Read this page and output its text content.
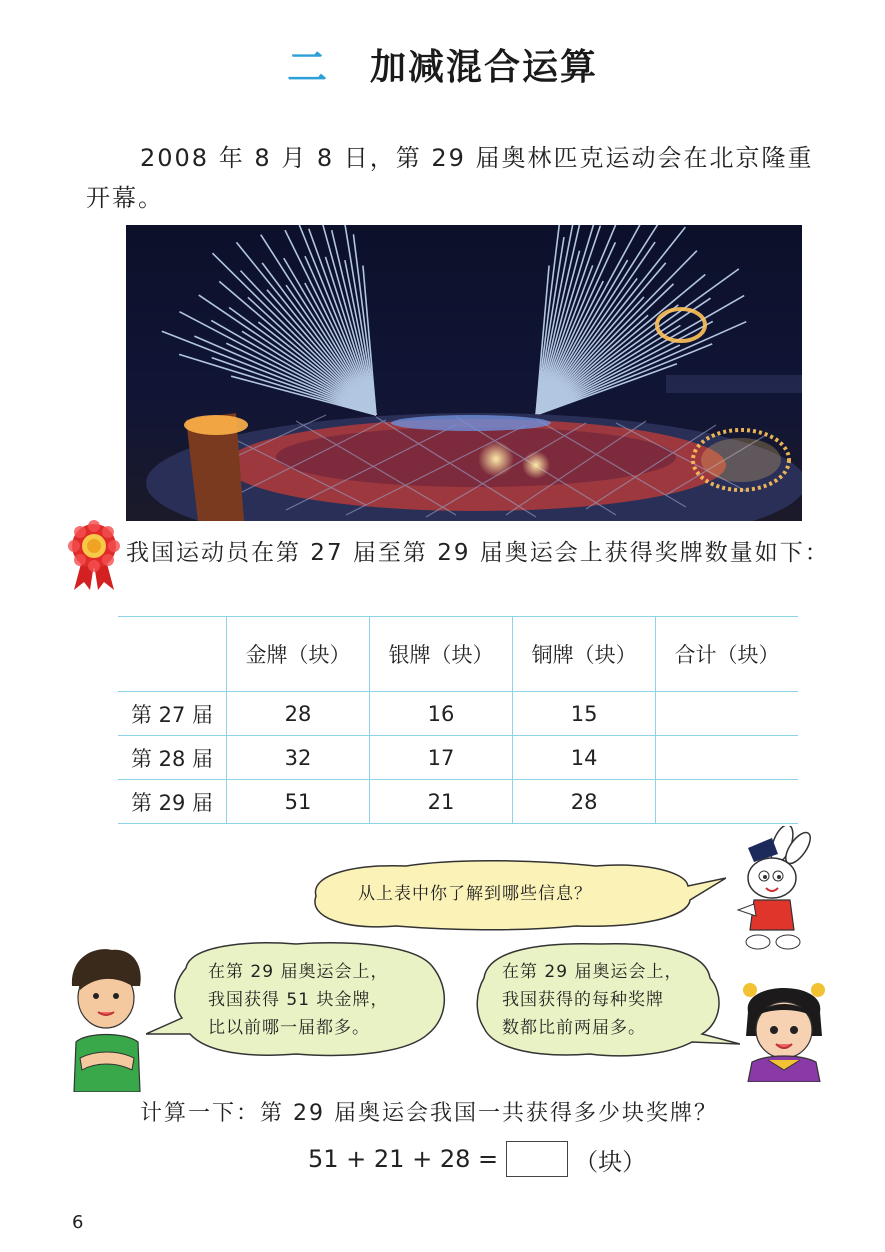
二 加减混合运算
2008 年 8 月 8 日，第 29 届奥林匹克运动会在北京隆重开幕。
我国运动员在第 27 届至第 29 届奥运会上获得奖牌数量如下：
	金牌（块）	银牌（块）	铜牌（块）	合计（块）
第 27 届	28	16	15	
第 28 届	32	17	14	
第 29 届	51	21	28	
从上表中你了解到哪些信息？
在第 29 届奥运会上，
我国获得 51 块金牌，
比以前哪一届都多。
在第 29 届奥运会上，
我国获得的每种奖牌
数都比前两届多。
计算一下：第 29 届奥运会我国一共获得多少块奖牌？
51 + 21 + 28 =	（块）
6
